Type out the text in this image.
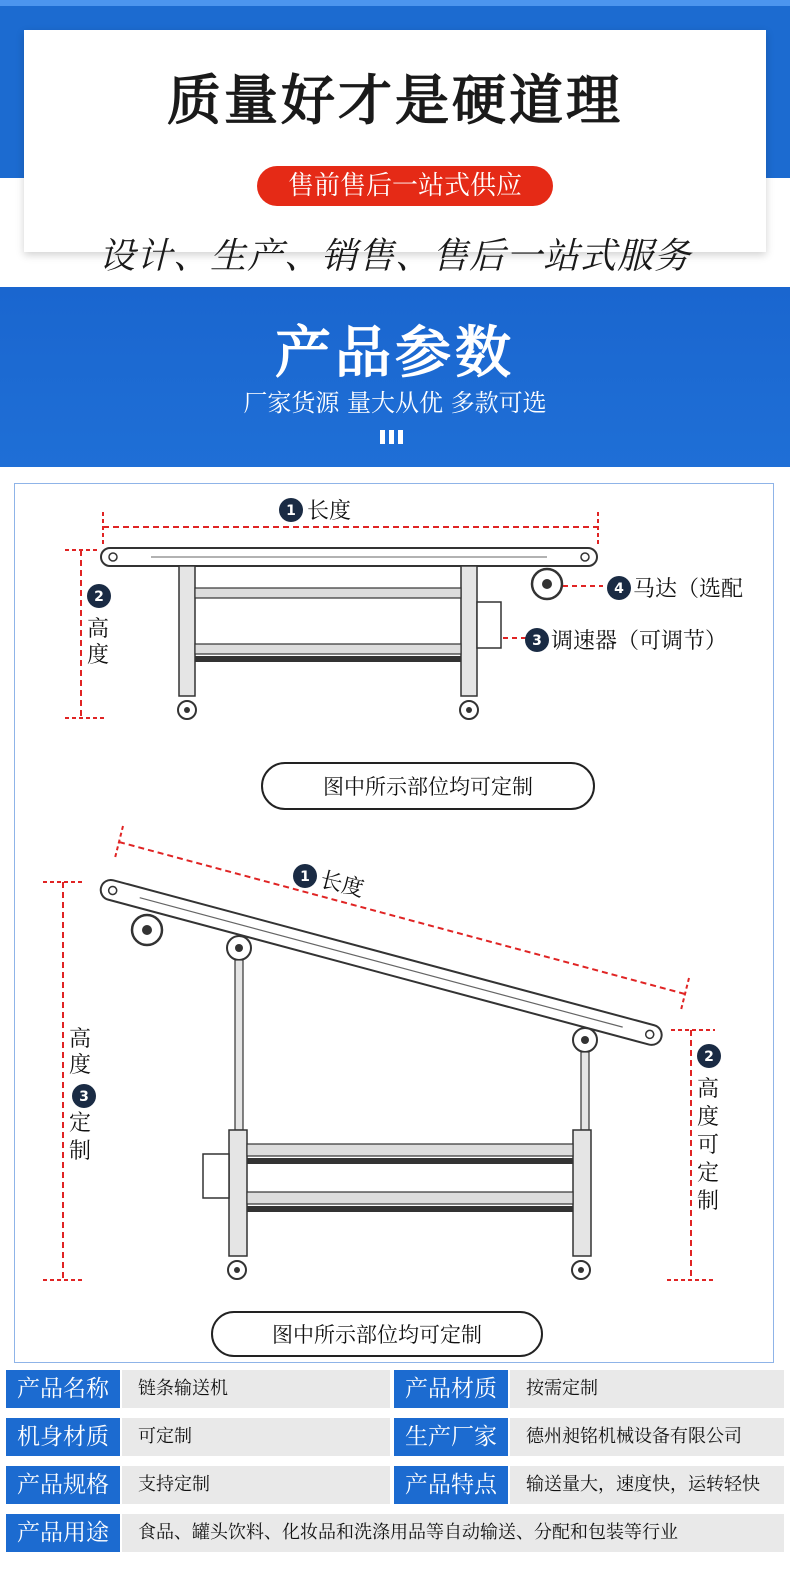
质量好才是硬道理
售前售后一站式供应
设计、生产、销售、售后一站式服务
产品参数
厂家货源 量大从优 多款可选
1 长度
2
高
度
4 马达（选配
3 调速器（可调节）
图中所示部位均可定制
1 长度
高
度
3
定
制
2
高
度
可
定
制
图中所示部位均可定制
产品名称	链条输送机	产品材质	按需定制
机身材质	可定制	生产厂家	德州昶铭机械设备有限公司
产品规格	支持定制	产品特点	输送量大，速度快，运转轻快
产品用途	食品、罐头饮料、化妆品和洗涤用品等自动输送、分配和包装等行业
